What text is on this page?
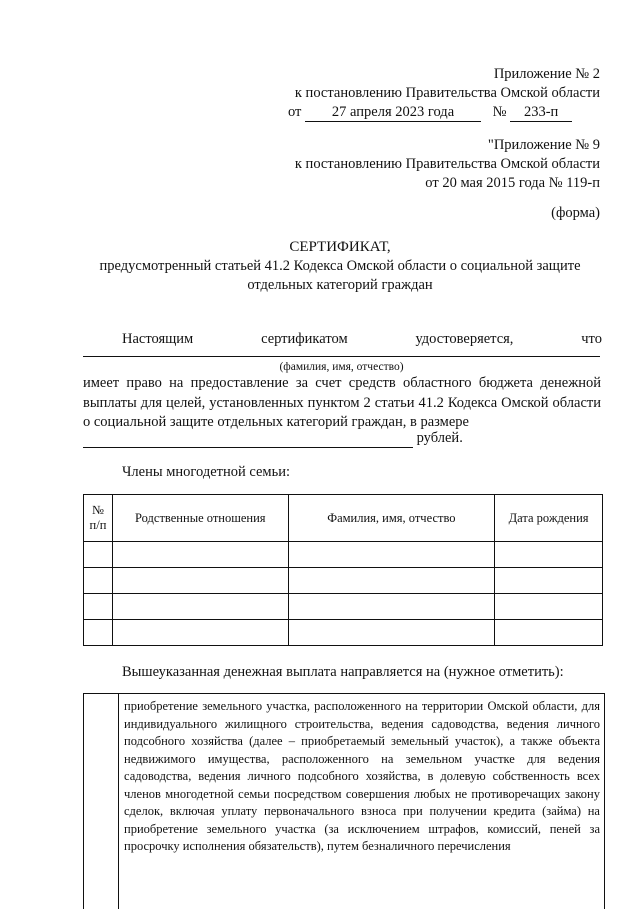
Приложение № 2
к постановлению Правительства Омской области
от 27 апреля 2023 года	№ 233-п
"Приложение № 9
к постановлению Правительства Омской области
от 20 мая 2015 года № 119-п
(форма)
СЕРТИФИКАТ,
предусмотренный статьей 41.2 Кодекса Омской области о социальной защите
отдельных категорий граждан
Настоящим	сертификатом	удостоверяется,	что
(фамилия, имя, отчество)
имеет право на предоставление за счет средств областного бюджета денежной выплаты для целей, установленных пунктом 2 статьи 41.2 Кодекса Омской области о социальной защите отдельных категорий граждан, в размере
рублей.
Члены многодетной семьи:
№ п/п	Родственные отношения	Фамилия, имя, отчество	Дата рождения

Вышеуказанная денежная выплата направляется на (нужное отметить):
приобретение земельного участка, расположенного на территории Омской области, для индивидуального жилищного строительства, ведения садоводства, ведения личного подсобного хозяйства (далее – приобретаемый земельный участок), а также объекта недвижимого имущества, расположенного на земельном участке для ведения садоводства, ведения личного подсобного хозяйства, в долевую собственность всех членов многодетной семьи посредством совершения любых не противоречащих закону сделок, включая уплату первоначального взноса при получении кредита (займа) на приобретение земельного участка (за исключением штрафов, комиссий, пеней за просрочку исполнения обязательств), путем безналичного перечисления
